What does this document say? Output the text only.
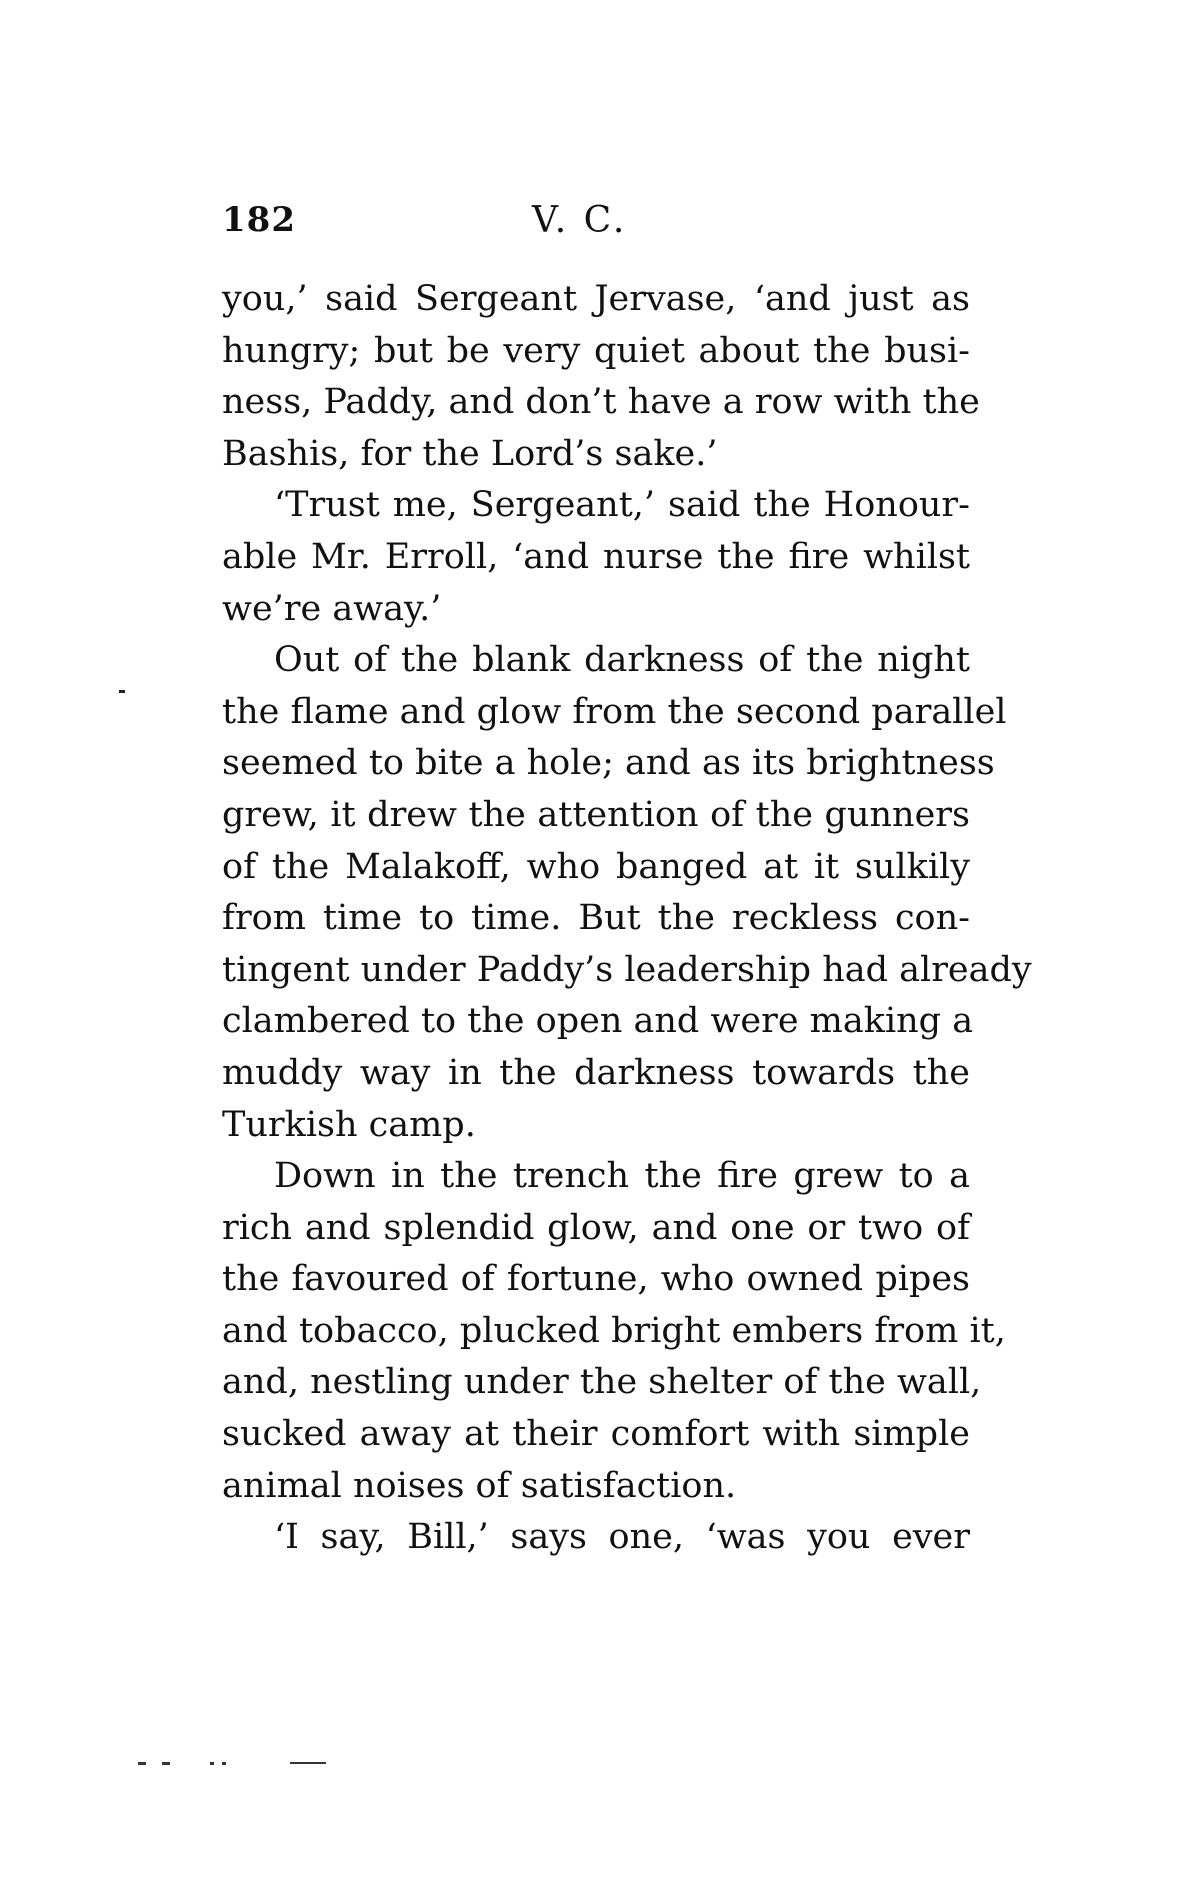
182	V. C.
you,’ said Sergeant Jervase, ‘and just as
hungry; but be very quiet about the busi-
ness, Paddy, and don’t have a row with the
Bashis, for the Lord’s sake.’
‘Trust me, Sergeant,’ said the Honour-
able Mr. Erroll, ‘and nurse the fire whilst
we’re away.’
Out of the blank darkness of the night
the flame and glow from the second parallel
seemed to bite a hole; and as its brightness
grew, it drew the attention of the gunners
of the Malakoff, who banged at it sulkily
from time to time. But the reckless con-
tingent under Paddy’s leadership had already
clambered to the open and were making a
muddy way in the darkness towards the
Turkish camp.
Down in the trench the fire grew to a
rich and splendid glow, and one or two of
the favoured of fortune, who owned pipes
and tobacco, plucked bright embers from it,
and, nestling under the shelter of the wall,
sucked away at their comfort with simple
animal noises of satisfaction.
‘I say, Bill,’ says one, ‘was you ever
